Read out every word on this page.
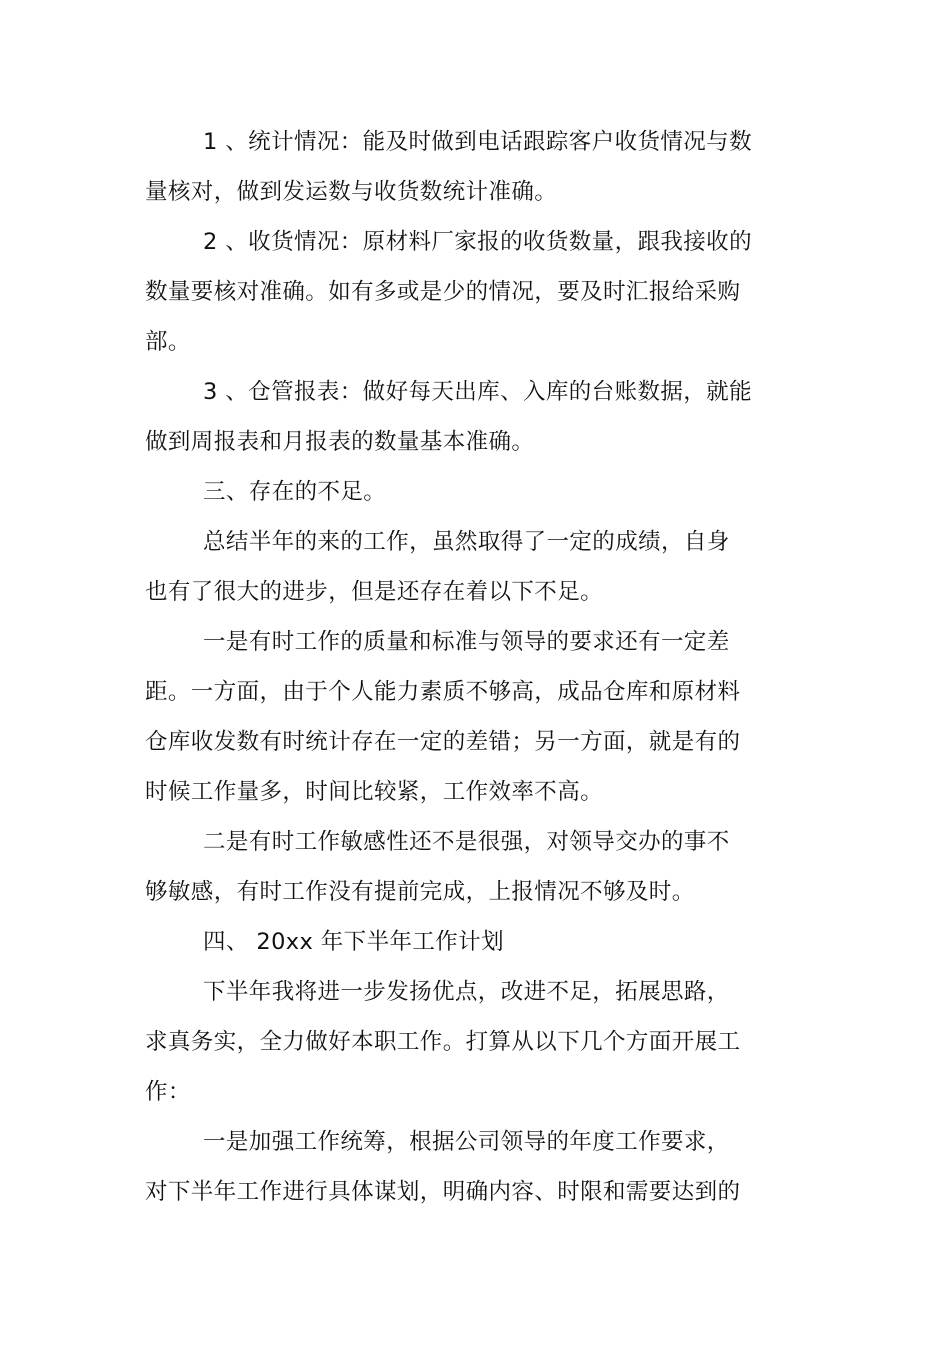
1 、统计情况：能及时做到电话跟踪客户收货情况与数
量核对，做到发运数与收货数统计准确。
2 、收货情况：原材料厂家报的收货数量，跟我接收的
数量要核对准确。如有多或是少的情况，要及时汇报给采购
部。
3 、仓管报表：做好每天出库、入库的台账数据，就能
做到周报表和月报表的数量基本准确。
三、存在的不足。
总结半年的来的工作，虽然取得了一定的成绩，自身
也有了很大的进步，但是还存在着以下不足。
一是有时工作的质量和标准与领导的要求还有一定差
距。一方面，由于个人能力素质不够高，成品仓库和原材料
仓库收发数有时统计存在一定的差错；另一方面，就是有的
时候工作量多，时间比较紧，工作效率不高。
二是有时工作敏感性还不是很强，对领导交办的事不
够敏感，有时工作没有提前完成，上报情况不够及时。
四、 20xx 年下半年工作计划
下半年我将进一步发扬优点，改进不足，拓展思路，
求真务实，全力做好本职工作。打算从以下几个方面开展工
作：
一是加强工作统筹，根据公司领导的年度工作要求，
对下半年工作进行具体谋划，明确内容、时限和需要达到的
